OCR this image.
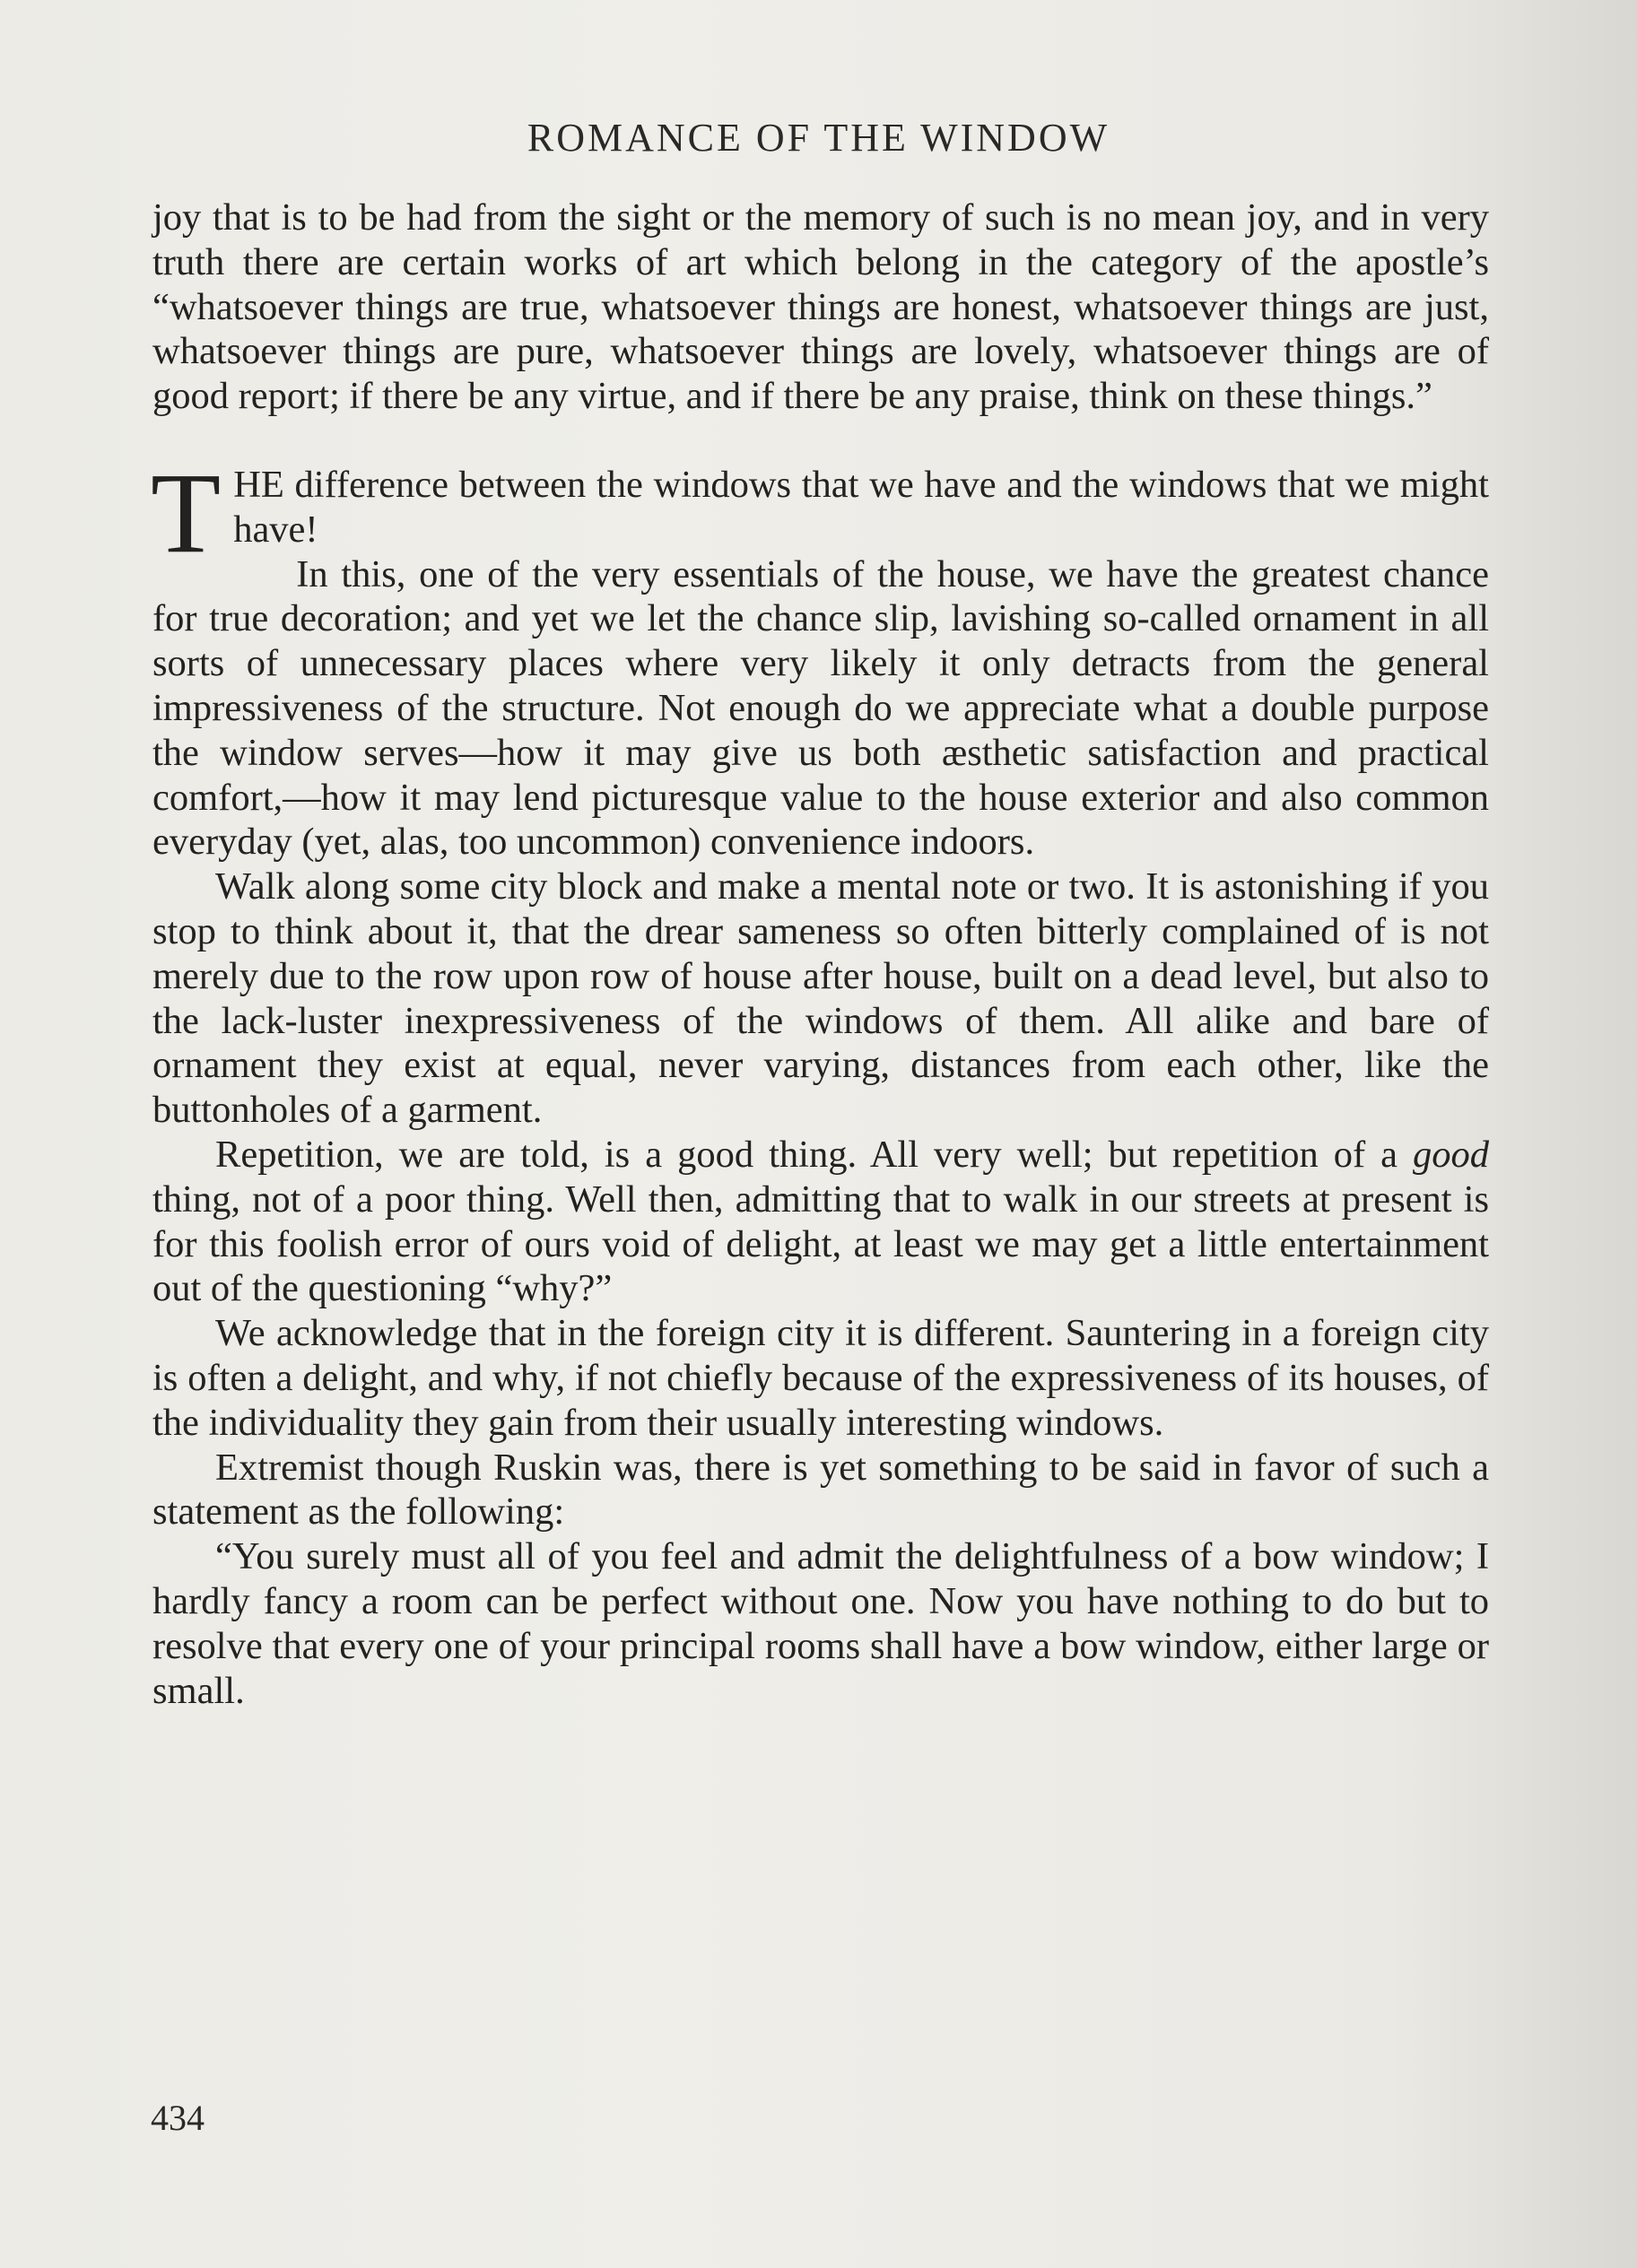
ROMANCE OF THE WINDOW

joy that is to be had from the sight or the memory of such is no mean joy, and in very truth there are certain works of art which belong in the category of the apostle’s “whatsoever things are true, whatsoever things are honest, whatsoever things are just, whatsoever things are pure, whatsoever things are lovely, whatsoever things are of good report; if there be any virtue, and if there be any praise, think on these things.”

T HE difference between the windows that we have and the windows that we might have!

In this, one of the very essentials of the house, we have the greatest chance for true decoration; and yet we let the chance slip, lavishing so-called ornament in all sorts of unnecessary places where very likely it only detracts from the general impressiveness of the structure. Not enough do we appreciate what a double purpose the window serves—how it may give us both æsthetic satisfaction and practical comfort,—how it may lend picturesque value to the house exterior and also common everyday (yet, alas, too uncommon) convenience indoors.

Walk along some city block and make a mental note or two. It is astonishing if you stop to think about it, that the drear sameness so often bitterly complained of is not merely due to the row upon row of house after house, built on a dead level, but also to the lack-luster inexpressiveness of the windows of them. All alike and bare of ornament they exist at equal, never varying, distances from each other, like the buttonholes of a garment.

Repetition, we are told, is a good thing. All very well; but repetition of a good thing, not of a poor thing. Well then, admitting that to walk in our streets at present is for this foolish error of ours void of delight, at least we may get a little entertainment out of the questioning “why?”

We acknowledge that in the foreign city it is different. Sauntering in a foreign city is often a delight, and why, if not chiefly because of the expressiveness of its houses, of the individuality they gain from their usually interesting windows.

Extremist though Ruskin was, there is yet something to be said in favor of such a statement as the following:

“You surely must all of you feel and admit the delightfulness of a bow window; I hardly fancy a room can be perfect without one. Now you have nothing to do but to resolve that every one of your principal rooms shall have a bow window, either large or small.

434
